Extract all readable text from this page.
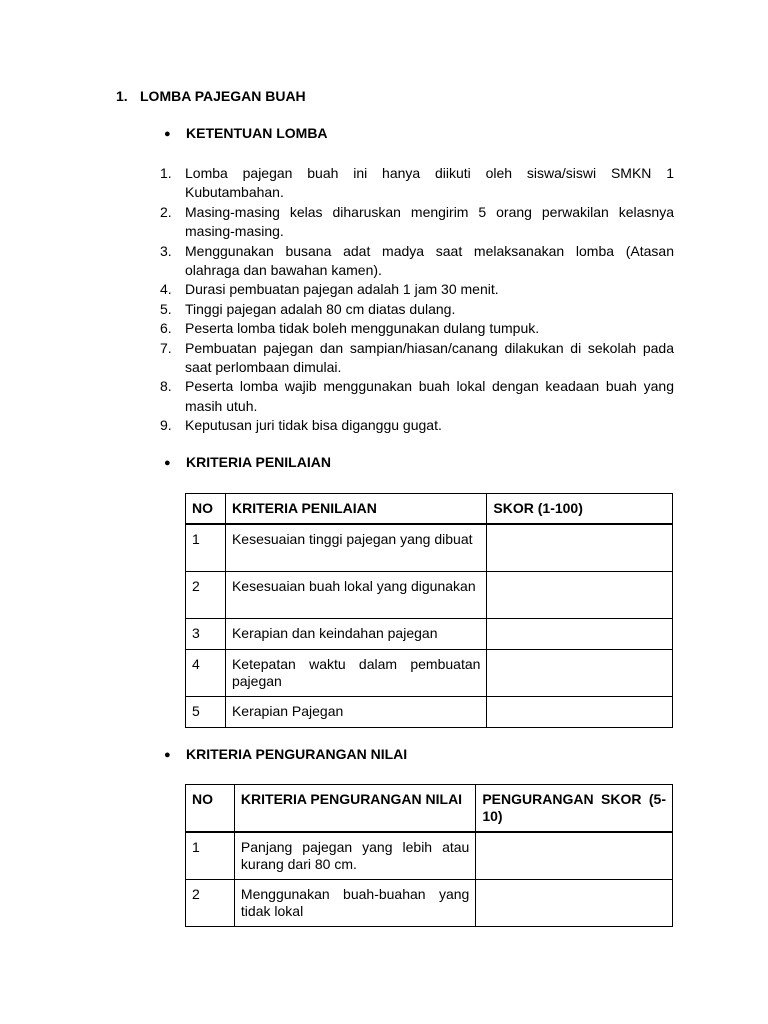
1. LOMBA PAJEGAN BUAH
● KETENTUAN LOMBA
1. Lomba pajegan buah ini hanya diikuti oleh siswa/siswi SMKN 1 Kubutambahan.
2. Masing-masing kelas diharuskan mengirim 5 orang perwakilan kelasnya masing-masing.
3. Menggunakan busana adat madya saat melaksanakan lomba (Atasan olahraga dan bawahan kamen).
4. Durasi pembuatan pajegan adalah 1 jam 30 menit.
5. Tinggi pajegan adalah 80 cm diatas dulang.
6. Peserta lomba tidak boleh menggunakan dulang tumpuk.
7. Pembuatan pajegan dan sampian/hiasan/canang dilakukan di sekolah pada saat perlombaan dimulai.
8. Peserta lomba wajib menggunakan buah lokal dengan keadaan buah yang masih utuh.
9. Keputusan juri tidak bisa diganggu gugat.
● KRITERIA PENILAIAN
NO	KRITERIA PENILAIAN	SKOR (1-100)
1	Kesesuaian tinggi pajegan yang dibuat	
2	Kesesuaian buah lokal yang digunakan	
3	Kerapian dan keindahan pajegan	
4	Ketepatan waktu dalam pembuatan pajegan	
5	Kerapian Pajegan	
● KRITERIA PENGURANGAN NILAI
NO	KRITERIA PENGURANGAN NILAI	PENGURANGAN SKOR (5-10)
1	Panjang pajegan yang lebih atau kurang dari 80 cm.	
2	Menggunakan buah-buahan yang tidak lokal	
